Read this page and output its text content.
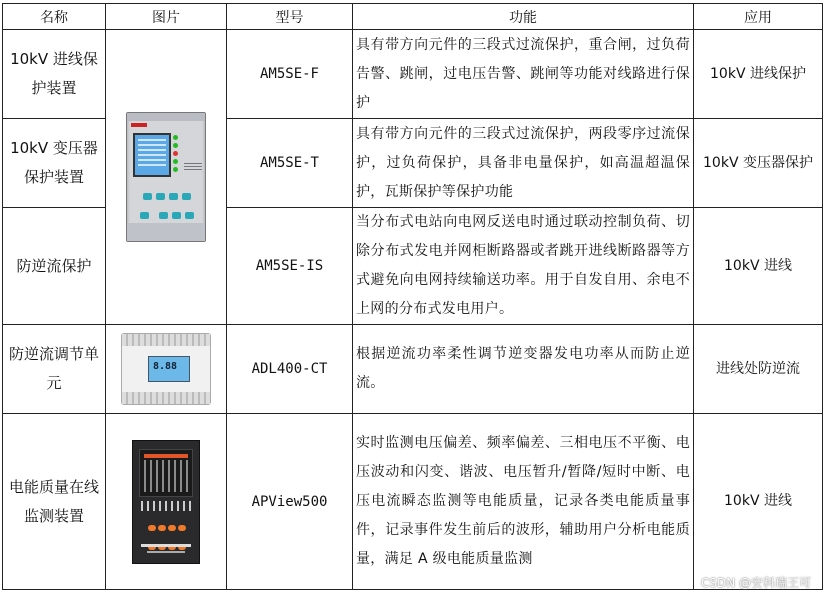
名称	图片	型号	功能	应用
10kV 进线保护装置		AM5SE-F	具有带方向元件的三段式过流保护，重合闸，过负荷告警、跳闸，过电压告警、跳闸等功能对线路进行保护	10kV 进线保护
10kV 变压器保护装置		AM5SE-T	具有带方向元件的三段式过流保护，两段零序过流保护，过负荷保护，具备非电量保护，如高温超温保护，瓦斯保护等保护功能	10kV 变压器保护
防逆流保护		AM5SE-IS	当分布式电站向电网反送电时通过联动控制负荷、切除分布式发电并网柜断路器或者跳开进线断路器等方式避免向电网持续输送功率。用于自发自用、余电不上网的分布式发电用户。	10kV 进线
防逆流调节单元	8.88	ADL400-CT	根据逆流功率柔性调节逆变器发电功率从而防止逆流。	进线处防逆流
电能质量在线监测装置		APView500	实时监测电压偏差、频率偏差、三相电压不平衡、电压波动和闪变、谐波、电压暂升/暂降/短时中断、电压电流瞬态监测等电能质量，记录各类电能质量事件，记录事件发生前后的波形，辅助用户分析电能质量，满足 A 级电能质量监测	10kV 进线
CSDN @安科瑞王可
